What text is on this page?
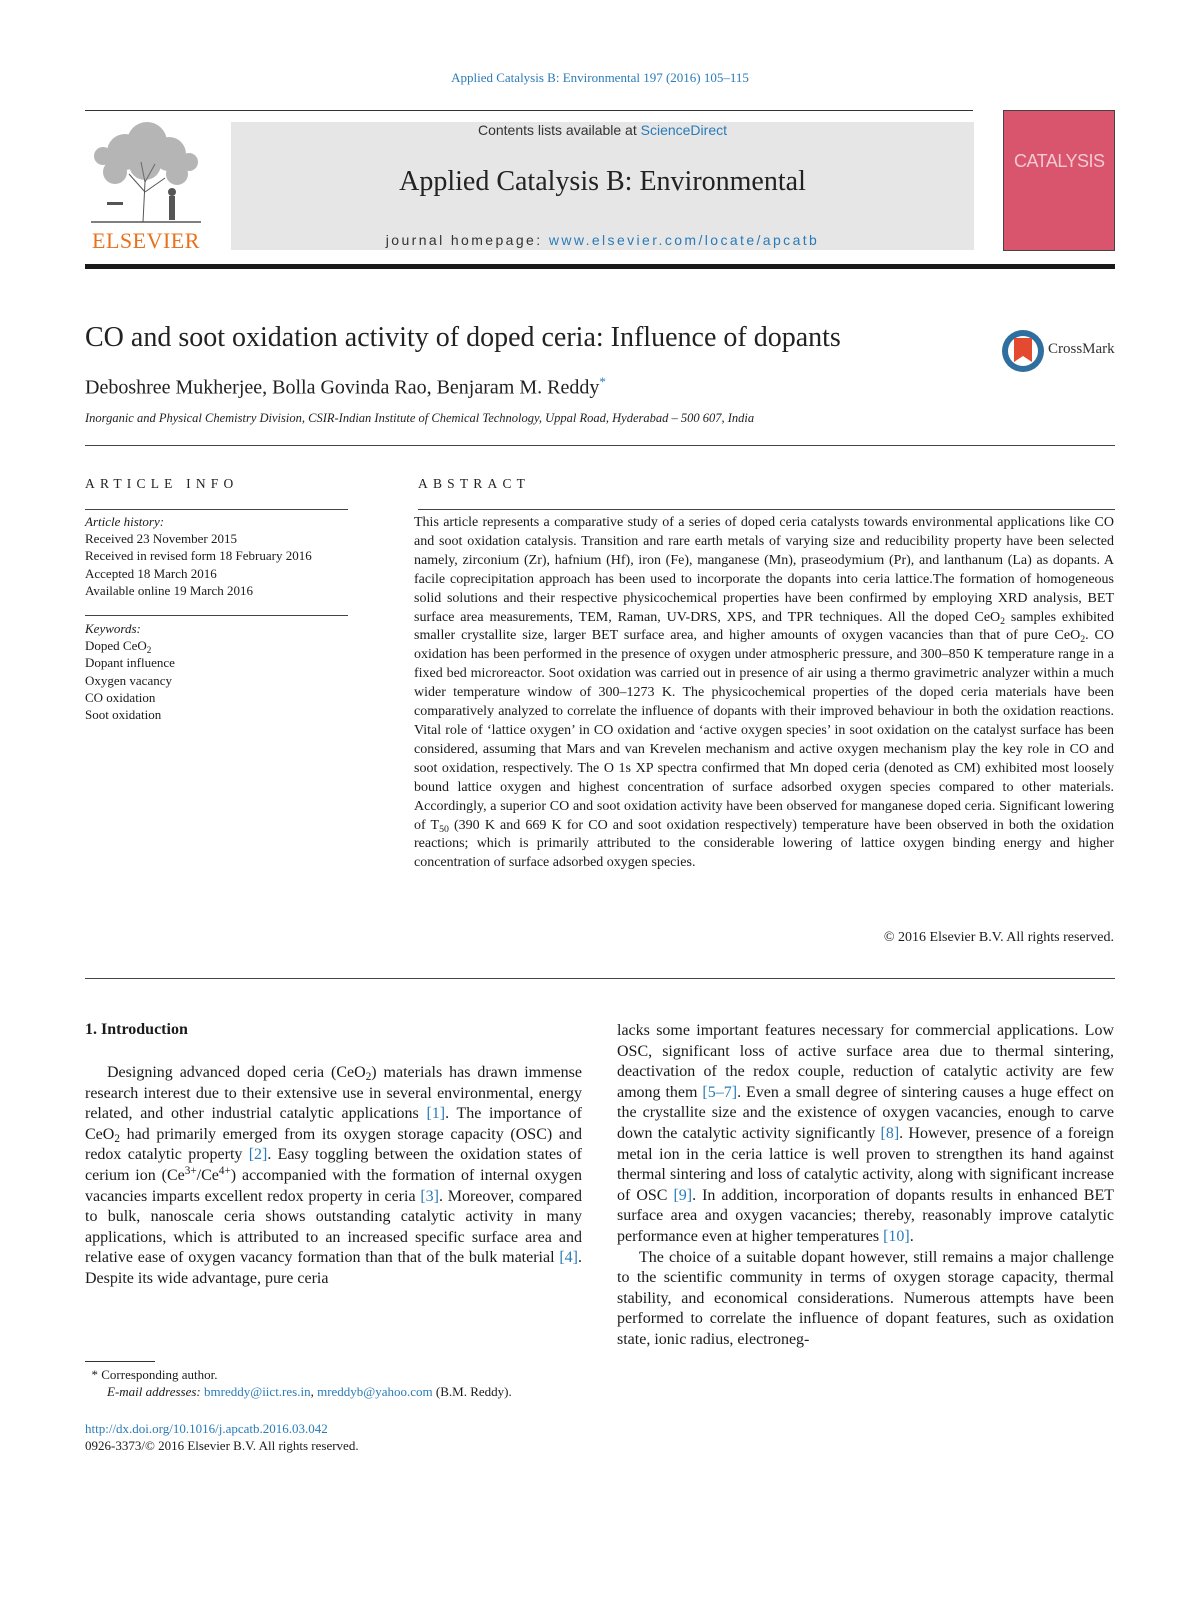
Applied Catalysis B: Environmental 197 (2016) 105–115
ELSEVIER
Contents lists available at ScienceDirect
Applied Catalysis B: Environmental
journal homepage: www.elsevier.com/locate/apcatb
CATALYSIS
CO and soot oxidation activity of doped ceria: Influence of dopants	CrossMark
Deboshree Mukherjee, Bolla Govinda Rao, Benjaram M. Reddy*
Inorganic and Physical Chemistry Division, CSIR-Indian Institute of Chemical Technology, Uppal Road, Hyderabad – 500 607, India
ARTICLE INFO	ABSTRACT
Article history:
Received 23 November 2015
Received in revised form 18 February 2016
Accepted 18 March 2016
Available online 19 March 2016
Keywords:
Doped CeO$_2$
Dopant influence
Oxygen vacancy
CO oxidation
Soot oxidation
This article represents a comparative study of a series of doped ceria catalysts towards environmental applications like CO and soot oxidation catalysis. Transition and rare earth metals of varying size and reducibility property have been selected namely, zirconium (Zr), hafnium (Hf), iron (Fe), manganese (Mn), praseodymium (Pr), and lanthanum (La) as dopants. A facile coprecipitation approach has been used to incorporate the dopants into ceria lattice.The formation of homogeneous solid solutions and their respective physicochemical properties have been confirmed by employing XRD analysis, BET surface area measurements, TEM, Raman, UV-DRS, XPS, and TPR techniques. All the doped CeO$_2$ samples exhibited smaller crystallite size, larger BET surface area, and higher amounts of oxygen vacancies than that of pure CeO$_2$. CO oxidation has been performed in the presence of oxygen under atmospheric pressure, and 300–850 K temperature range in a fixed bed microreactor. Soot oxidation was carried out in presence of air using a thermo gravimetric analyzer within a much wider temperature window of 300–1273 K. The physicochemical properties of the doped ceria materials have been comparatively analyzed to correlate the influence of dopants with their improved behaviour in both the oxidation reactions. Vital role of ‘lattice oxygen’ in CO oxidation and ‘active oxygen species’ in soot oxidation on the catalyst surface has been considered, assuming that Mars and van Krevelen mechanism and active oxygen mechanism play the key role in CO and soot oxidation, respectively. The O 1s XP spectra confirmed that Mn doped ceria (denoted as CM) exhibited most loosely bound lattice oxygen and highest concentration of surface adsorbed oxygen species compared to other materials. Accordingly, a superior CO and soot oxidation activity have been observed for manganese doped ceria. Significant lowering of $T_{50}$ (390 K and 669 K for CO and soot oxidation respectively) temperature have been observed in both the oxidation reactions; which is primarily attributed to the considerable lowering of lattice oxygen binding energy and higher concentration of surface adsorbed oxygen species.
© 2016 Elsevier B.V. All rights reserved.
1. Introduction

Designing advanced doped ceria (CeO$_2$) materials has drawn immense research interest due to their extensive use in several environmental, energy related, and other industrial catalytic applications [1]. The importance of CeO$_2$ had primarily emerged from its oxygen storage capacity (OSC) and redox catalytic property [2]. Easy toggling between the oxidation states of cerium ion $(Ce^{3+}/Ce^{4+})$ accompanied with the formation of internal oxygen vacancies imparts excellent redox property in ceria [3]. Moreover, compared to bulk, nanoscale ceria shows outstanding catalytic activity in many applications, which is attributed to an increased specific surface area and relative ease of oxygen vacancy formation than that of the bulk material [4]. Despite its wide advantage, pure ceria

lacks some important features necessary for commercial applications. Low OSC, significant loss of active surface area due to thermal sintering, deactivation of the redox couple, reduction of catalytic activity are few among them [5–7]. Even a small degree of sintering causes a huge effect on the crystallite size and the existence of oxygen vacancies, enough to carve down the catalytic activity significantly [8]. However, presence of a foreign metal ion in the ceria lattice is well proven to strengthen its hand against thermal sintering and loss of catalytic activity, along with significant increase of OSC [9]. In addition, incorporation of dopants results in enhanced BET surface area and oxygen vacancies; thereby, reasonably improve catalytic performance even at higher temperatures [10].

The choice of a suitable dopant however, still remains a major challenge to the scientific community in terms of oxygen storage capacity, thermal stability, and economical considerations. Numerous attempts have been performed to correlate the influence of dopant features, such as oxidation state, ionic radius, electroneg-

* Corresponding author.
E-mail addresses: bmreddy@iict.res.in, mreddyb@yahoo.com (B.M. Reddy).
http://dx.doi.org/10.1016/j.apcatb.2016.03.042
0926-3373/© 2016 Elsevier B.V. All rights reserved.
